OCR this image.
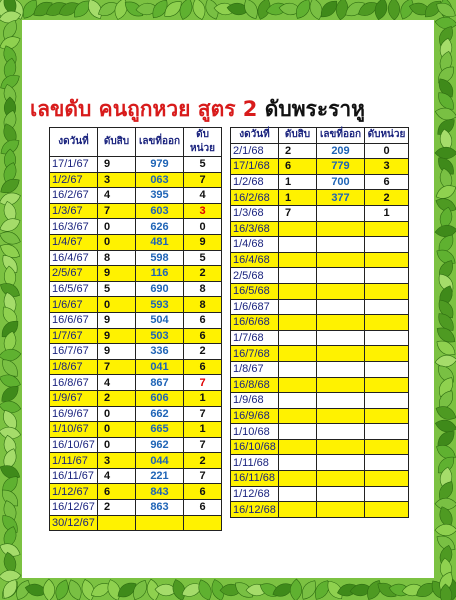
เลขดับ คนถูกหวย สูตร 2 ดับพระราหู
งดวันที่	ดับสิบ	เลขที่ออก	ดับหน่วย
17/1/67	9	979	5
1/2/67	3	063	7
16/2/67	4	395	4
1/3/67	7	603	3
16/3/67	0	626	0
1/4/67	0	481	9
16/4/67	8	598	5
2/5/67	9	116	2
16/5/67	5	690	8
1/6/67	0	593	8
16/6/67	9	504	6
1/7/67	9	503	6
16/7/67	9	336	2
1/8/67	7	041	6
16/8/67	4	867	7
1/9/67	2	606	1
16/9/67	0	662	7
1/10/67	0	665	1
16/10/67	0	962	7
1/11/67	3	044	2
16/11/67	4	221	7
1/12/67	6	843	6
16/12/67	2	863	6
30/12/67			
งดวันที่	ดับสิบ	เลขที่ออก	ดับหน่วย
2/1/68	2	209	0
17/1/68	6	779	3
1/2/68	1	700	6
16/2/68	1	377	2
1/3/68	7		1
16/3/68			
1/4/68			
16/4/68			
2/5/68			
16/5/68			
1/6/687			
16/6/68			
1/7/68			
16/7/68			
1/8/67			
16/8/68			
1/9/68			
16/9/68			
1/10/68			
16/10/68			
1/11/68			
16/11/68			
1/12/68			
16/12/68			
